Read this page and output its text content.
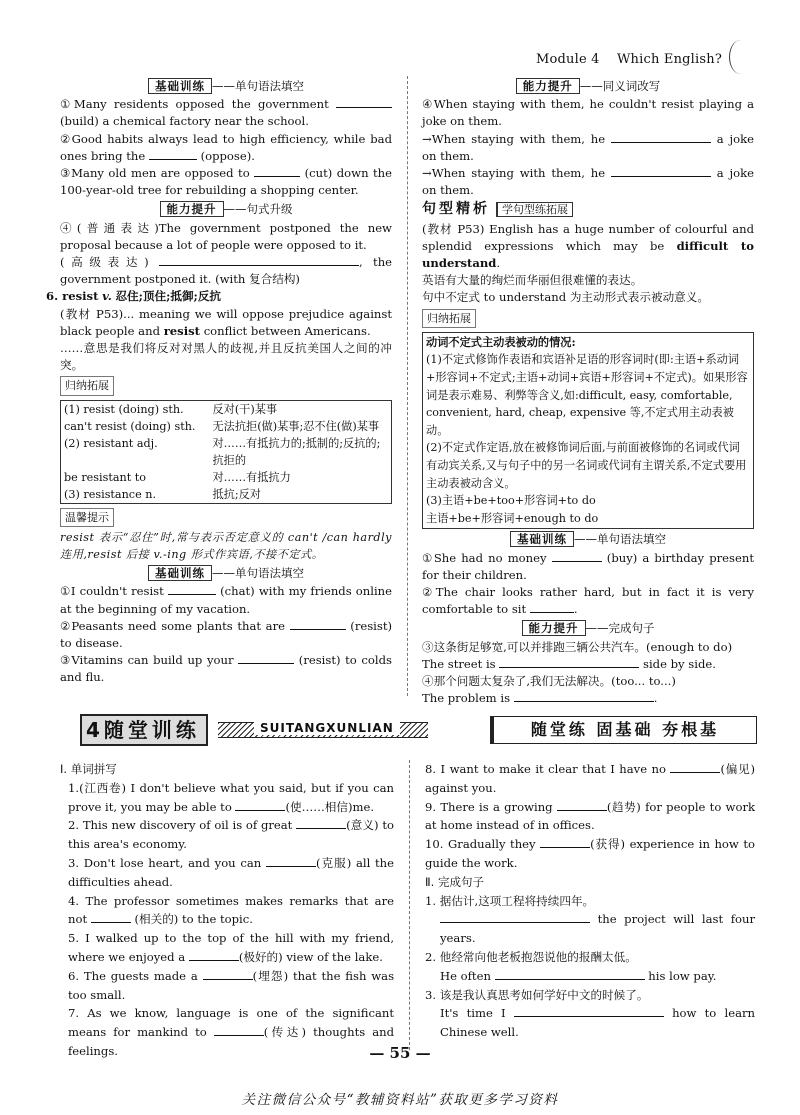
Module 4 Which English?
基础训练 ——单句语法填空

①Many residents opposed the government  (build) a chemical factory near the school.

②Good habits always lead to high efficiency, while bad ones bring the	(oppose).

③Many old men are opposed to	(cut) down the 100-year-old tree for rebuilding a shopping center.

能力提升 ——句式升级

④(普通表达)The government postponed the new proposal because a lot of people were opposed to it.

(高级表达)	, the government postponed it. (with 复合结构)

6. resist v. 忍住;顶住;抵御;反抗

(教材 P53)... meaning we will oppose prejudice against black people and resist conflict between Americans.

……意思是我们将反对对黑人的歧视,并且反抗美国人之间的冲突。

归纳拓展
(1) resist (doing) sth.	反对(干)某事
can't resist (doing) sth.	无法抗拒(做)某事;忍不住(做)某事
(2) resistant adj.	对……有抵抗力的;抵制的;反抗的;抗拒的
be resistant to	对……有抵抗力
(3) resistance n.	抵抗;反对
温馨提示

resist 表示“忍住”时,常与表示否定意义的 can't /can hardly 连用,resist 后接 v.-ing 形式作宾语,不接不定式。

基础训练 ——单句语法填空

①I couldn't resist	(chat) with my friends online at the beginning of my vacation.

②Peasants need some plants that are	(resist) to disease.

③Vitamins can build up your	(resist) to colds and flu.

能力提升 ——同义词改写

④When staying with them, he couldn't resist playing a joke on them.

→When staying with them, he	a joke on them.

→When staying with them, he	a joke on them.

句型精析 学句型练拓展

(教材 P53) English has a huge number of colourful and splendid expressions which may be difficult to understand.

英语有大量的绚烂而华丽但很难懂的表达。

句中不定式 to understand 为主动形式表示被动意义。

归纳拓展
动词不定式主动表被动的情况:
(1)不定式修饰作表语和宾语补足语的形容词时(即:主语+系动词+形容词+不定式;主语+动词+宾语+形容词+不定式)。如果形容词是表示难易、利弊等含义,如:difficult, easy, comfortable, convenient, hard, cheap, expensive 等,不定式用主动表被动。
(2)不定式作定语,放在被修饰词后面,与前面被修饰的名词或代词有动宾关系,又与句子中的另一名词或代词有主谓关系,不定式要用主动表被动含义。
(3)主语+be+too+形容词+to do
主语+be+形容词+enough to do
基础训练 ——单句语法填空

①She had no money	(buy) a birthday present for their children.

②The chair looks rather hard, but in fact it is very comfortable to sit	.

能力提升 ——完成句子

③这条街足够宽,可以并排跑三辆公共汽车。(enough to do)

The street is	side by side.

④那个问题太复杂了,我们无法解决。(too... to...)

The problem is	.

4随堂训练	SUITANGXUNLIAN	随堂练 固基础 夯根基
Ⅰ. 单词拼写

1.(江西卷) I don't believe what you said, but if you can prove it, you may be able to	(使……相信)me.

2. This new discovery of oil is of great	(意义) to this area's economy.

3. Don't lose heart, and you can	(克服) all the difficulties ahead.

4. The professor sometimes makes remarks that are not	(相关的) to the topic.

5. I walked up to the top of the hill with my friend, where we enjoyed a	(极好的) view of the lake.

6. The guests made a	(埋怨) that the fish was too small.

7. As we know, language is one of the significant means for mankind to	(传达) thoughts and feelings.

8. I want to make it clear that I have no	(偏见) against you.

9. There is a growing	(趋势) for people to work at home instead of in offices.

10. Gradually they	(获得) experience in how to guide the work.

Ⅱ. 完成句子

1. 据估计,这项工程将持续四年。

the project will last four years.

2. 他经常向他老板抱怨说他的报酬太低。

He often	his low pay.

3. 该是我认真思考如何学好中文的时候了。

It's time I	how to learn Chinese well.

— 55 —
关注微信公众号“教辅资料站”获取更多学习资料
